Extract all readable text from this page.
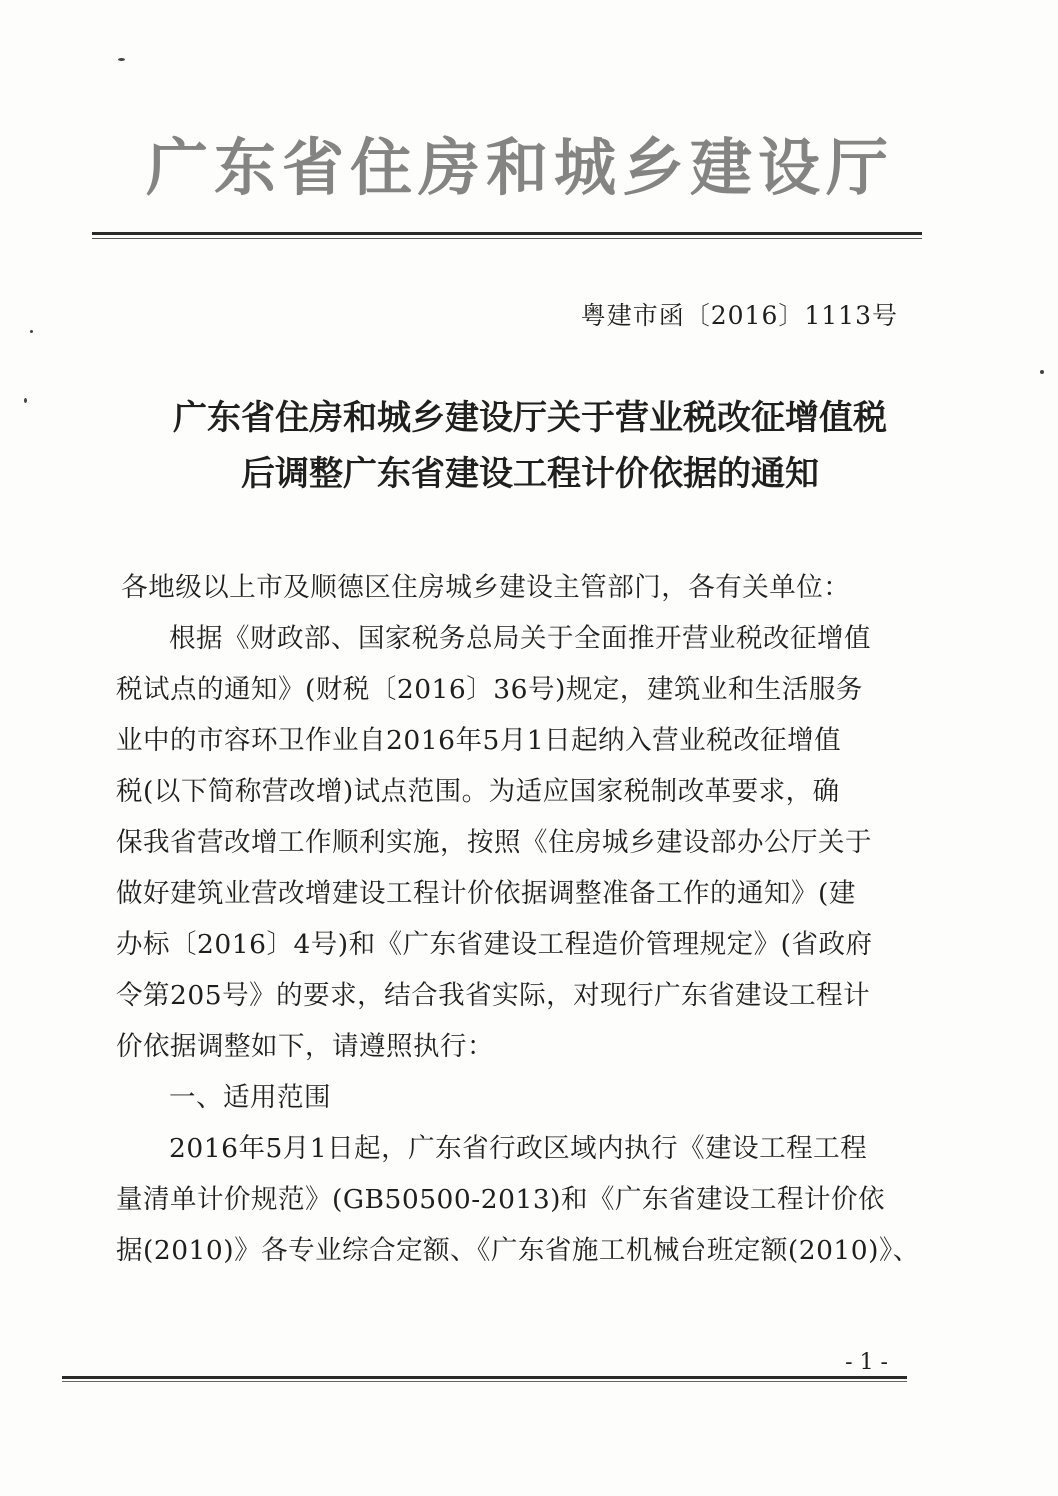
广东省住房和城乡建设厅
粤建市函〔2016〕1113号
广东省住房和城乡建设厅关于营业税改征增值税
后调整广东省建设工程计价依据的通知

各地级以上市及顺德区住房城乡建设主管部门，各有关单位：

根据《财政部、国家税务总局关于全面推开营业税改征增值

税试点的通知》(财税〔2016〕36号)规定，建筑业和生活服务

业中的市容环卫作业自2016年5月1日起纳入营业税改征增值

税(以下简称营改增)试点范围。为适应国家税制改革要求，确

保我省营改增工作顺利实施，按照《住房城乡建设部办公厅关于

做好建筑业营改增建设工程计价依据调整准备工作的通知》(建

办标〔2016〕4号)和《广东省建设工程造价管理规定》(省政府

令第205号》的要求，结合我省实际，对现行广东省建设工程计

价依据调整如下，请遵照执行：

一、适用范围

2016年5月1日起，广东省行政区域内执行《建设工程工程

量清单计价规范》(GB50500-2013)和《广东省建设工程计价依

据(2010)》各专业综合定额、《广东省施工机械台班定额(2010)》、

- 1 -
